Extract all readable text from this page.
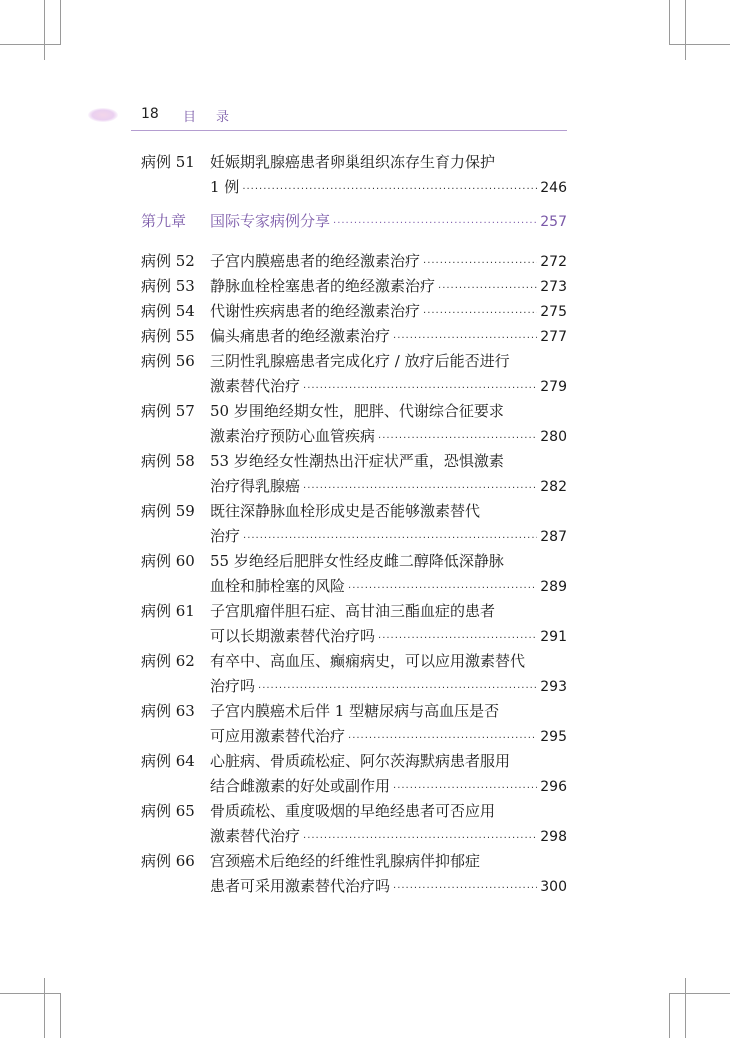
18 目 录
病例 51 妊娠期乳腺癌患者卵巢组织冻存生育力保护
1 例 ·····	246
第九章 国际专家病例分享 ·····	257
病例 52 子宫内膜癌患者的绝经激素治疗 ·····	272
病例 53 静脉血栓栓塞患者的绝经激素治疗 ·····	273
病例 54 代谢性疾病患者的绝经激素治疗 ·····	275
病例 55 偏头痛患者的绝经激素治疗 ·····	277
病例 56 三阴性乳腺癌患者完成化疗 / 放疗后能否进行
激素替代治疗 ·····	279
病例 57 50 岁围绝经期女性，肥胖、代谢综合征要求
激素治疗预防心血管疾病 ·····	280
病例 58 53 岁绝经女性潮热出汗症状严重，恐惧激素
治疗得乳腺癌 ·····	282
病例 59 既往深静脉血栓形成史是否能够激素替代
治疗 ·····	287
病例 60 55 岁绝经后肥胖女性经皮雌二醇降低深静脉
血栓和肺栓塞的风险 ·····	289
病例 61 子宫肌瘤伴胆石症、高甘油三酯血症的患者
可以长期激素替代治疗吗 ·····	291
病例 62 有卒中、高血压、癫痫病史，可以应用激素替代
治疗吗 ·····	293
病例 63 子宫内膜癌术后伴 1 型糖尿病与高血压是否
可应用激素替代治疗 ·····	295
病例 64 心脏病、骨质疏松症、阿尔茨海默病患者服用
结合雌激素的好处或副作用 ·····	296
病例 65 骨质疏松、重度吸烟的早绝经患者可否应用
激素替代治疗 ·····	298
病例 66 宫颈癌术后绝经的纤维性乳腺病伴抑郁症
患者可采用激素替代治疗吗 ·····	300
